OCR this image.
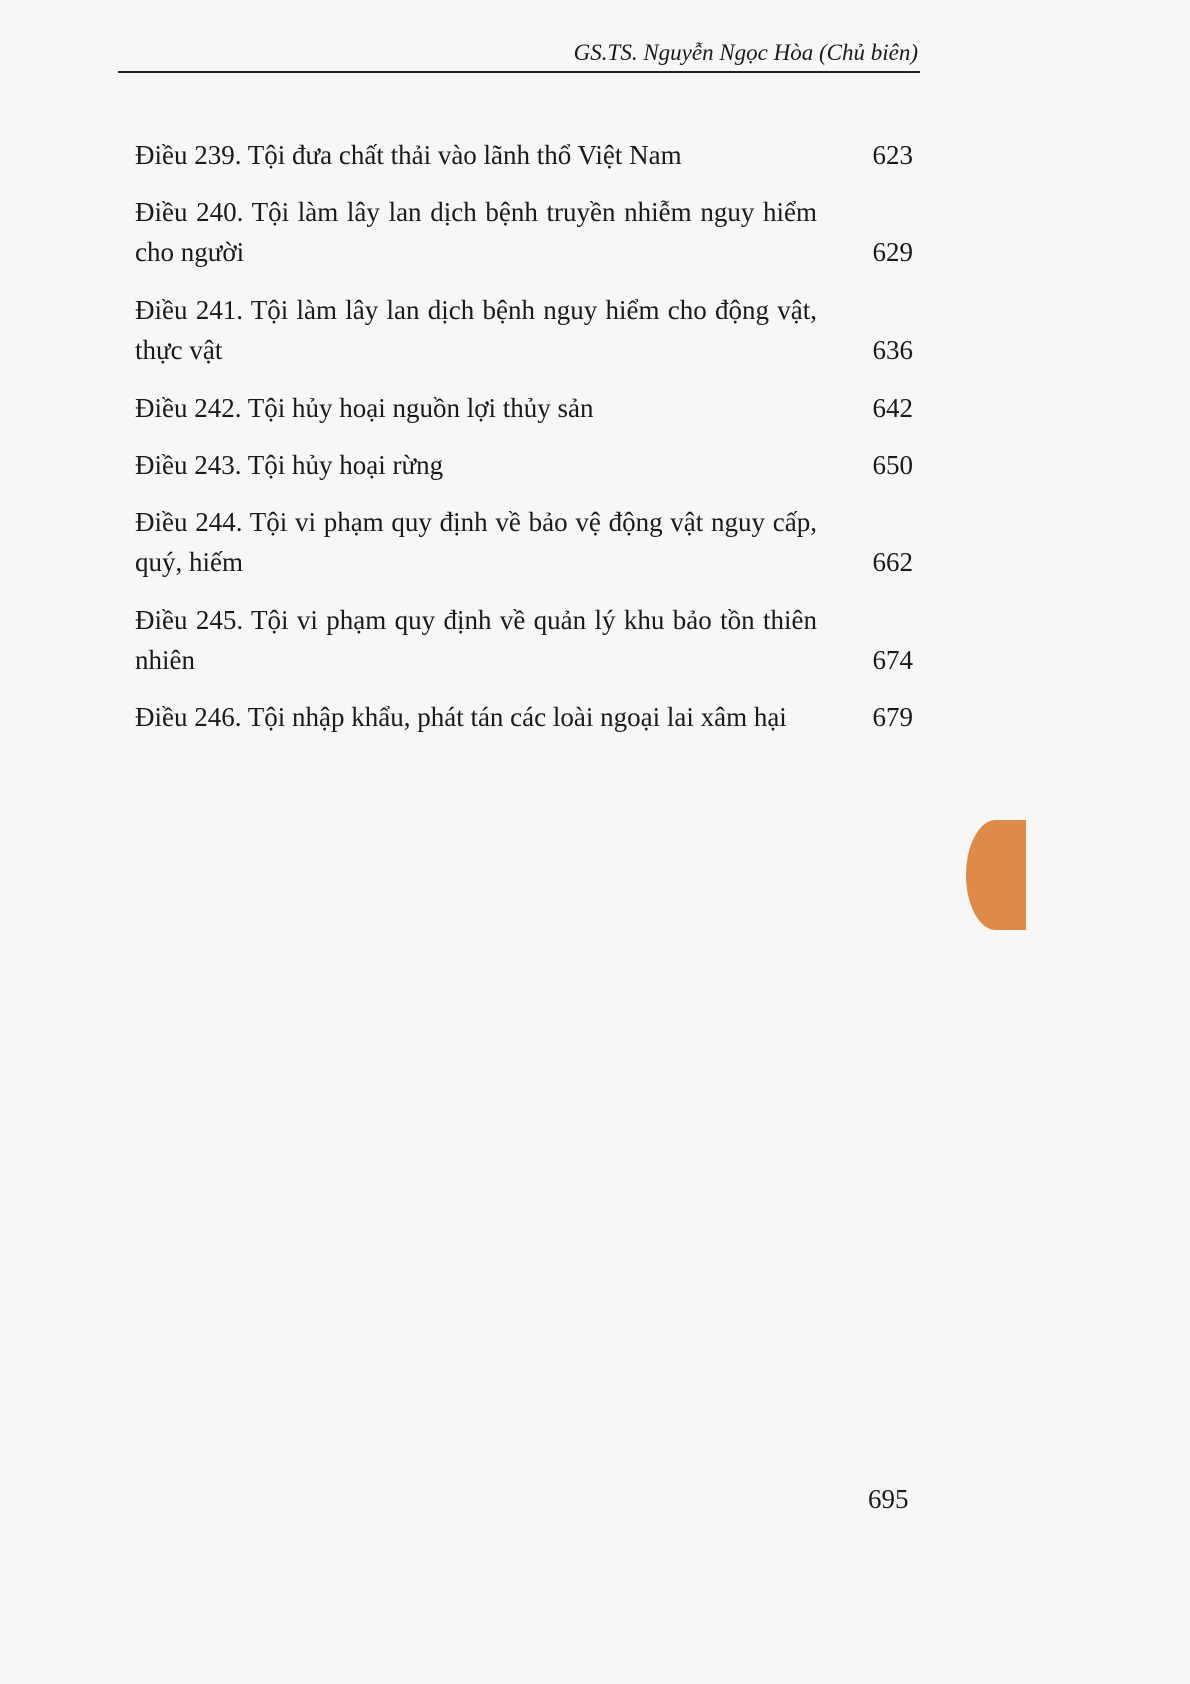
GS.TS. Nguyễn Ngọc Hòa (Chủ biên)
Điều 239. Tội đưa chất thải vào lãnh thổ Việt Nam	623
Điều 240. Tội làm lây lan dịch bệnh truyền nhiễm nguy hiểm cho người	629
Điều 241. Tội làm lây lan dịch bệnh nguy hiểm cho động vật, thực vật	636
Điều 242. Tội hủy hoại nguồn lợi thủy sản	642
Điều 243. Tội hủy hoại rừng	650
Điều 244. Tội vi phạm quy định về bảo vệ động vật nguy cấp, quý, hiếm	662
Điều 245. Tội vi phạm quy định về quản lý khu bảo tồn thiên nhiên	674
Điều 246. Tội nhập khẩu, phát tán các loài ngoại lai xâm hại	679
695
